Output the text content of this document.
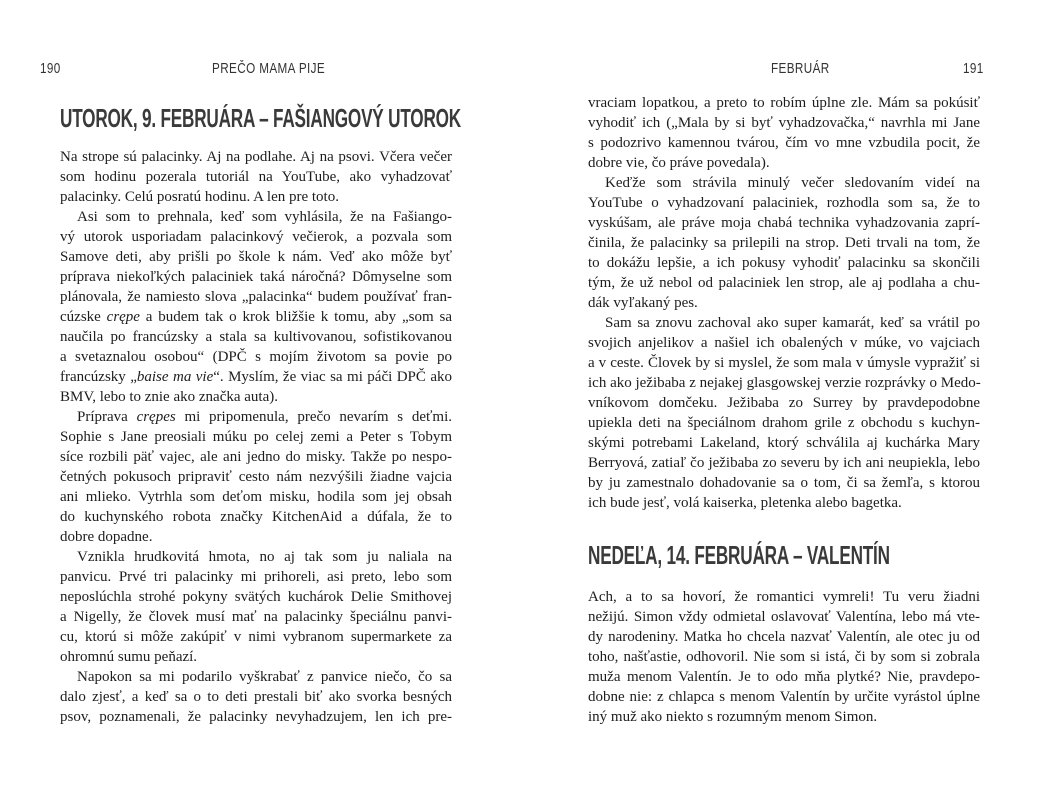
190	PREČO MAMA PIJE
UTOROK, 9. FEBRUÁRA – FAŠIANGOVÝ UTOROK
Na strope sú palacinky. Aj na podlahe. Aj na psovi. Včera večer
som hodinu pozerala tutoriál na YouTube, ako vyhadzovať
palacinky. Celú posratú hodinu. A len pre toto.
Asi som to prehnala, keď som vyhlásila, že na Fašiango-
vý utorok usporiadam palacinkový večierok, a pozvala som
Samove deti, aby prišli po škole k nám. Veď ako môže byť
príprava niekoľkých palaciniek taká náročná? Dômyselne som
plánovala, že namiesto slova „palacinka“ budem používať fran-
cúzske crępe a budem tak o krok bližšie k tomu, aby „som sa
naučila po francúzsky a stala sa kultivovanou, sofistikovanou
a svetaznalou osobou“ (DPČ s mojím životom sa povie po
francúzsky „baise ma vie“. Myslím, že viac sa mi páči DPČ ako
BMV, lebo to znie ako značka auta).
Príprava crępes mi pripomenula, prečo nevarím s deťmi.
Sophie s Jane preosiali múku po celej zemi a Peter s Tobym
síce rozbili päť vajec, ale ani jedno do misky. Takže po nespo-
četných pokusoch pripraviť cesto nám nezvýšili žiadne vajcia
ani mlieko. Vytrhla som deťom misku, hodila som jej obsah
do kuchynského robota značky KitchenAid a dúfala, že to
dobre dopadne.
Vznikla hrudkovitá hmota, no aj tak som ju naliala na
panvicu. Prvé tri palacinky mi prihoreli, asi preto, lebo som
neposlúchla strohé pokyny svätých kuchárok Delie Smithovej
a Nigelly, že človek musí mať na palacinky špeciálnu panvi-
cu, ktorú si môže zakúpiť v nimi vybranom supermarkete za
ohromnú sumu peňazí.
Napokon sa mi podarilo vyškrabať z panvice niečo, čo sa
dalo zjesť, a keď sa o to deti prestali biť ako svorka besných
psov, poznamenali, že palacinky nevyhadzujem, len ich pre-
FEBRUÁR	191
vraciam lopatkou, a preto to robím úplne zle. Mám sa pokúsiť
vyhodiť ich („Mala by si byť vyhadzovačka,“ navrhla mi Jane
s podozrivo kamennou tvárou, čím vo mne vzbudila pocit, že
dobre vie, čo práve povedala).
Keďže som strávila minulý večer sledovaním videí na
YouTube o vyhadzovaní palaciniek, rozhodla som sa, že to
vyskúšam, ale práve moja chabá technika vyhadzovania zaprí-
činila, že palacinky sa prilepili na strop. Deti trvali na tom, že
to dokážu lepšie, a ich pokusy vyhodiť palacinku sa skončili
tým, že už nebol od palaciniek len strop, ale aj podlaha a chu-
dák vyľakaný pes.
Sam sa znovu zachoval ako super kamarát, keď sa vrátil po
svojich anjelikov a našiel ich obalených v múke, vo vajciach
a v ceste. Človek by si myslel, že som mala v úmysle vypražiť si
ich ako ježibaba z nejakej glasgowskej verzie rozprávky o Medo-
vníkovom domčeku. Ježibaba zo Surrey by pravdepodobne
upiekla deti na špeciálnom drahom grile z obchodu s kuchyn-
skými potrebami Lakeland, ktorý schválila aj kuchárka Mary
Berryová, zatiaľ čo ježibaba zo severu by ich ani neupiekla, lebo
by ju zamestnalo dohadovanie sa o tom, či sa žemľa, s ktorou
ich bude jesť, volá kaiserka, pletenka alebo bagetka.
NEDEĽA, 14. FEBRUÁRA – VALENTÍN
Ach, a to sa hovorí, že romantici vymreli! Tu veru žiadni
nežijú. Simon vždy odmietal oslavovať Valentína, lebo má vte-
dy narodeniny. Matka ho chcela nazvať Valentín, ale otec ju od
toho, našťastie, odhovoril. Nie som si istá, či by som si zobrala
muža menom Valentín. Je to odo mňa plytké? Nie, pravdepo-
dobne nie: z chlapca s menom Valentín by určite vyrástol úplne
iný muž ako niekto s rozumným menom Simon.
